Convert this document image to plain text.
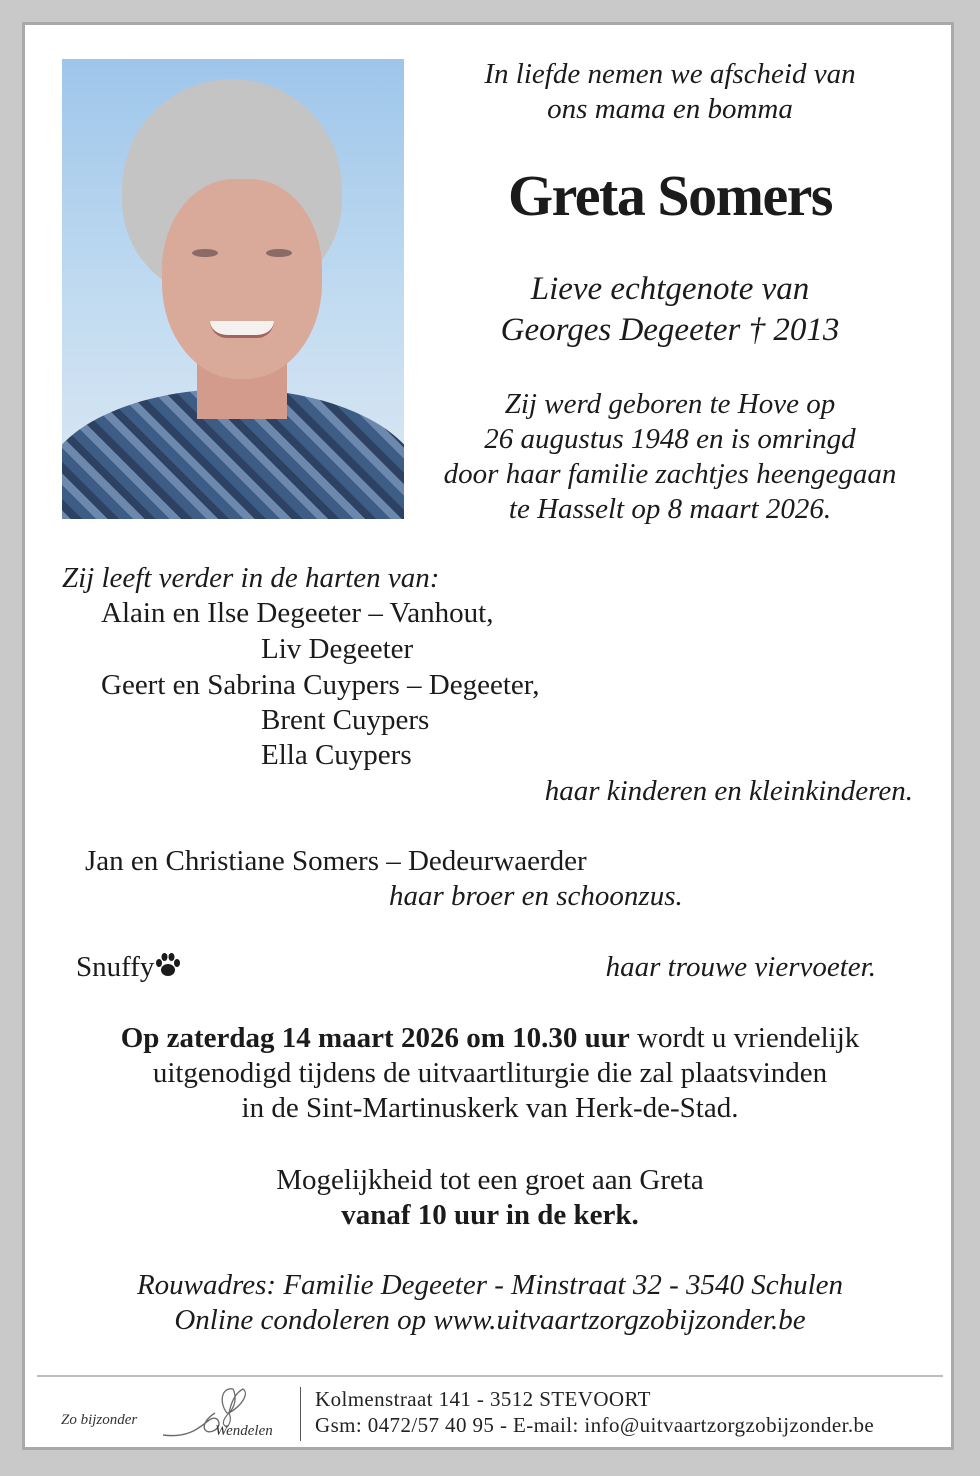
In liefde nemen we afscheid van
ons mama en bomma
Greta Somers
Lieve echtgenote van
Georges Degeeter † 2013
Zij werd geboren te Hove op
26 augustus 1948 en is omringd
door haar familie zachtjes heengegaan
te Hasselt op 8 maart 2026.
Zij leeft verder in de harten van:
Alain en Ilse Degeeter – Vanhout,
Liv Degeeter
Geert en Sabrina Cuypers – Degeeter,
Brent Cuypers
Ella Cuypers
haar kinderen en kleinkinderen.
Jan en Christiane Somers – Dedeurwaerder
haar broer en schoonzus.
Snuffy	haar trouwe viervoeter.
Op zaterdag 14 maart 2026 om 10.30 uur wordt u vriendelijk
uitgenodigd tijdens de uitvaartliturgie die zal plaatsvinden
in de Sint-Martinuskerk van Herk-de-Stad.
Mogelijkheid tot een groet aan Greta
vanaf 10 uur in de kerk.
Rouwadres: Familie Degeeter - Minstraat 32 - 3540 Schulen
Online condoleren op www.uitvaartzorgzobijzonder.be
Zo bijzonder
Wendelen
Kolmenstraat 141 - 3512 STEVOORT
Gsm: 0472/57 40 95 - E-mail: info@uitvaartzorgzobijzonder.be
